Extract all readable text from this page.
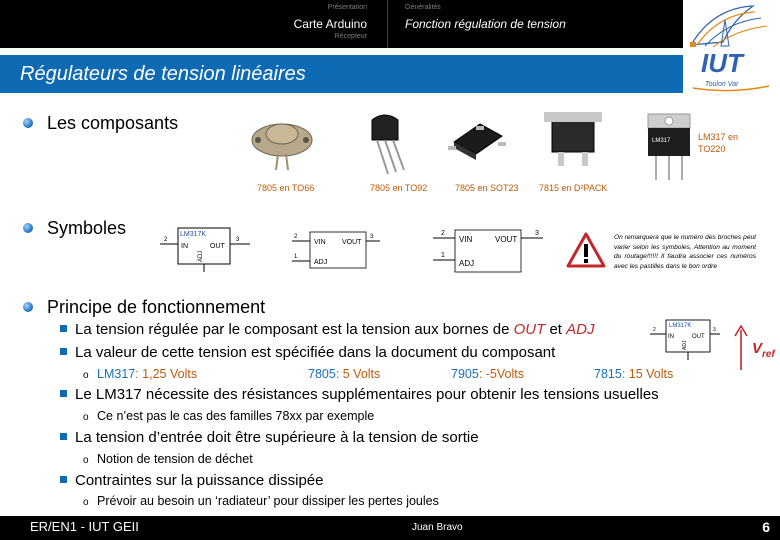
Présentation
Carte Arduino
Récepteur
Généralités
Fonction régulation de tension
IUT
Toulon Var
Régulateurs de tension linéaires
Les composants
LM317
7805 en TO66	7805 en TO92	7805 en SOT23 7815 en D²PACK
LM317 en TO220
Symboles	LM317K
IN	OUT
ADJ
2	3	VIN VOUT
ADJ
2	3
1
VIN	VOUT
ADJ
2	3
1
On remarquera que le numéro des broches peut varier selon les symboles. Attention au moment du routage!!!!!! Il faudra associer ces numéros avec les pastilles dans le bon ordre
Principe de fonctionnement
La tension régulée par le composant est la tension aux bornes de OUT et ADJ
La valeur de cette tension est spécifiée dans la document du composant
LM317K
IN	OUT
ADJ
2	3
$V_{ref}$
o LM317: 1,25 Volts	7805: 5 Volts	7905: -5Volts	7815: 15 Volts
Le LM317 nécessite des résistances supplémentaires pour obtenir les tensions usuelles
o Ce n’est pas le cas des familles 78xx par exemple
La tension d’entrée doit être supérieure à la tension de sortie
o Notion de tension de déchet
Contraintes sur la puissance dissipée
o Prévoir au besoin un ‘radiateur’ pour dissiper les pertes joules
ER/EN1 - IUT GEII	Juan Bravo	6
